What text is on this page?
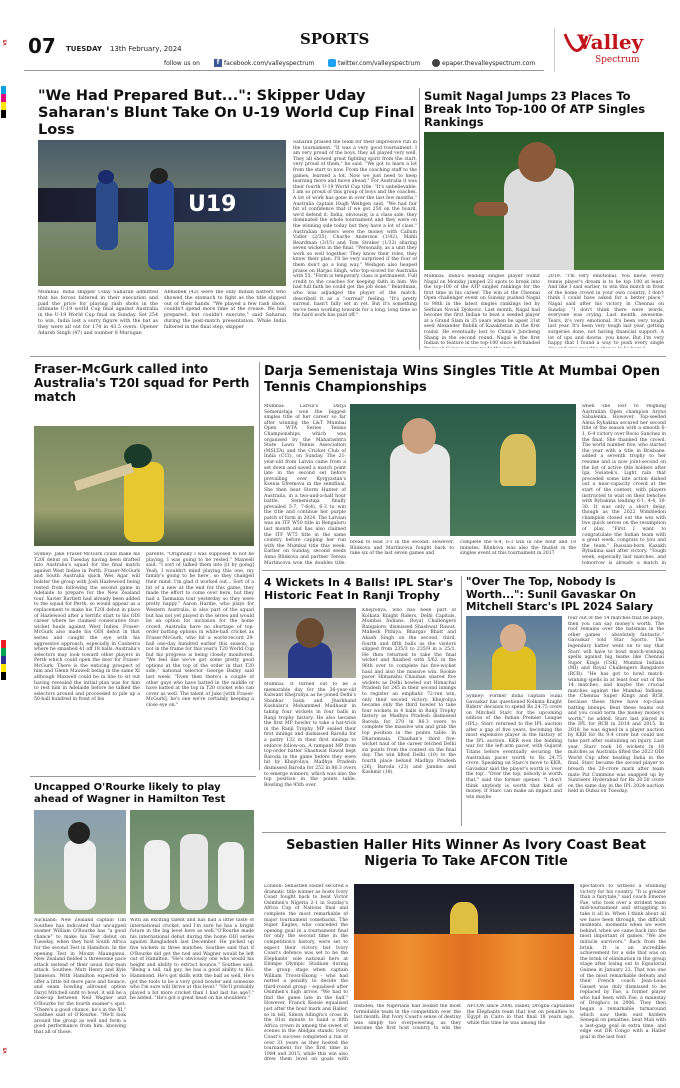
VS
VS
07 TUESDAY 13th February, 2024
SPORTS
follow us on	f facebook.com/valleyspectrum	twitter.com/valleyspectrum	epaper.thevalleyspectrum.com
Valley
Spectrum
"We Had Prepared But...": Skipper Uday Saharan's Blunt Take On U-19 World Cup Final Loss
U19
Mumbai: India skipper Uday Saharan admitted that his forces faltered in their execution and paid the price for playing rash shots in the ultimate U-19 world Cup final against Australia in the U-19 World Cup final on Sunday. Set 254 to win, India lost a sorry figure with the bat as they were all out for 174 in 43.5 overs. Opener Adarsh Singh (47) and number 8 Murugan
Abhishek (42) were the only Indian batters who showed the stomach to fight as the title slipped out of their hands. "We played a few rash shots, couldn't spend more time at the crease. We had prepared, but couldn't execute," said Saharan during the post-match presentation. While India faltered in the final step, skipper
Saharan praised the team for their impressive run in the tournament. "It was a very good tournament. I am very proud of the boys, they all played very well. They all showed great fighting spirit from the start, very proud of them," he said. "We got to learn a lot from the start to now. From the coaching staff to the games, learned a lot. Now we just need to keep learning more and move ahead." For Australia it was their fourth U-19 World Cup title. "It's unbelievable. I am so proud of this group of boys and the coaches. A lot of work has gone in over the last few months," Australia captain Hugh Weibgen said. "We had fair bit of confidence that if we got 250 on the board, we'd defend it. India, obviously, is a class side, they dominated the whole tournament and they were on the winning side today but they have a lot of class." Australian bowlers were the money with Callum Vidler (2/35), Charlie Anderson (1/42), Mahli Beardman (3/15) and Tom Straker (1/32) sharing seven wickets in the final. "Personally, as a unit they work so well together. They know their roles, they know their plan. I'll be very surprised if the four of them don't go a long way." Weibgen also heaped praise on Harjas Singh, who top-scored for Australia with 55. "Form is temporary, class is permanent. Full credit to the coaches for keeping faith in him. We had full faith he could get the job done." Beardman, who was adjudged the player of the match, described it as a "surreal" feeling. "It's pretty surreal, hasn't fully set in yet. But it's something we've been working towards for a long, long time so the hard work has paid off."
Sumit Nagal Jumps 23 Places To Break Into Top-100 Of ATP Singles Rankings
Mumbai: India's leading singles player Sumit Nagal on Monday jumped 23 spots to break into the top-100 of the ATP singles rankings for the first time in his career. The win at the Chennai Open challenger event on Sunday pushed Nagal to 98th in the latest singles rankings led by Serbian Novak Djokovic. Last month, Nagal had become the first Indian to beat a seeded player at a Grand Slam in 35 years when he upset 31st seed Alexander Bublik of Kazakhstan in the first round. He eventually lost to China's Juncheng Shang in the second round. Nagal is the first Indian to feature in the top-100 since left-handed
2019. "I'm very emotional. You know, every tennis player's dream is to be top 100 at least. And like I said earlier, to win this match in front of the home crowd in your own country, I don't think I could have asked for a better place," Nagal said after his victory in Chennai on Sunday. "I don't think there were words, everyone was crying. Last month, awesome. Tears, it's very emotional. It's been very tough last year. It's been very tough last year, getting surgeries done, not having financial support. A lot of ups and downs, you know. But I'm very happy that I found a way to push every single
Fraser-McGurk called into Australia's T20I squad for Perth match
Sydney: Jake Fraser-McGurk could make his T20I debut on Tuesday having been drafted into Australia's squad for the final match against West Indies in Perth. Fraser-McGurk and South Australia quick Wes Agar will bolster the group with Josh Hazlewood being rested from following the second game in Adelaide to prepare for the New Zealand tour. Xavier Bartlett had already been added to the squad for Perth, so would appear as a replacement to make his T20I debut in place of Hazlewood after a terrific start to his ODI career where he claimed consecutive four-wicket hauls against West Indies. Fraser-McGurk also made his ODI debut in that series and caught the eye with his aggressive approach, especially in Canberra where he smashed 41 off 18 balls. Australia's selectors may look toward other players in Perth which could open the door for Fraser-McGurk. There is the enticing prospect of him and Glenn Maxwell being in the same XI although Maxwell could be in line to sit out having revealed the initial plan was for him to rest him in Adelaide before he talked the selectors around and proceeded to pile up a 50-ball hundred in front of his
parents. "Originally I was supposed to not be playing, I was going to be rested," Maxwell said. "I sort of talked them into [it by going] Yeah, I wouldn't mind playing this one, my family's going to be here', so they changed their mind. I'm glad it worked out... Sort of a bit of a new at the end for this game, they made the effort to come over here, but they had a Tasmania tour yesterday so they were pretty happy." Aaron Hardie, who plays for Western Australia, is also part of the squad but has not yet played in the series and would be an option for inclusion for the home crowd. Australia have no shortage of top-order batting options in white-ball cricket as Fraser-McGurk, who hit a world-record 29-ball one-day hundred earlier this season, is not in the frame for this year's T20 World Cup but his progress is being closely monitored. "We feel like we've got some pretty good options at the top of the order in that T20 side," national selector George Bailey said last week. "Even then there's a couple of other guys who have batted in the middle or have batted at the top in T20 cricket who can cover as well. The talent of Jake [with Fraser-McGurk], he's one we're certainly keeping a close eye on."
Darja Semenistaja Wins Singles Title At Mumbai Open Tennis Championships
Mumbai: Latvia's Darja Semenistaja won the biggest singles title of her career so far after winning the L&T Mumbai Open WTA Series Tennis Championships, which was organised by the Maharashtra State Lawn Tennis Association (MSLTA) and the Cricket Club of India (CCI), on Sunday. The 21-year-old from Latvia came from a set down and saved a match point late in the second set before prevailing over Kyrgyzstan's Ksenia Efremova in the semifinal. She then beat Storm Hunter of Australia, in a two-and-a-half hour battle. Semenistaja finally prevailed 5-7, 7-6(4), 6-3 to win the title and continue her purple patch of form in 2024. The Latvian was an ITF W50 title in Bengaluru last month and has also claimed the ITF W75 title in the same country before capping her run with the Mumbai title this week. Earlier on Sunday, second seeds Anna Blinkova and partner Tereza Martincova won the doubles title,
break to lead 3-1 in the second. However, Blinkova and Martincova fought back to take six of the last seven games and
complete the 6-4, 6-3 win in one hour and 18 minutes. Blinkova was also the finalist in the singles event at this tournament in 2017
when she lost to reigning Australian Open champion Aryna Sabalenka. However, Top-seeded Alexa Rybakina secured her second title of the season with a smooth 6-1, 6-4 victory over Rocio Sanchez in the final. She thanked the crowd. The world number five, who started the year with a title in Brisbane, added a seventh trophy to her resume and is now joint-second on the list of active title holders after Iga Swiatek's. Light rain that preceded some late action dished out a near-capacity crowd at the start of the contest, with players instructed to wait on their benches with Rybakina leading 6-1, 4-4, 30-30. It was only a short delay, though as the 2022 Wimbledon champion closed out the win with two quick serves on the resumption of play. "First I want to congratulate the Indian team with a great week, congrats to you and the team," Russian-born Kazakh Rybakina said after victory. "Tough week, especially last matches, and tomorrow is already a match in
4 Wickets In 4 Balls! IPL Star's Historic Feat In Ranji Trophy
Mumbai: It turned out to be a memorable day for the 36-year-old Kulwant Khejroliya as he joined Delhi's Shankar Saini and Jharkhand Kushalar's Mohammed Mudhasir in taking four wickets in four balls in Ranji trophy history. He also became the first MP bowler to take a hat-trick in the Ranji Trophy. MP sealed their first innings and dismissed Baroda for a paltry 132 in their first innings to enforce follow-on. A rampant MP from top-order batter Shashwat Rawat kept Baroda in the game before they were hit by Khejroliya. Madhya Pradesh dismissed Baroda for 252 in 86.3 overs to emerge winners, which was also the top position in the points table. Bowling the 95th over,
Khejroliya, who has been part of Kolkata Knight Riders, Delhi Capitals, Mumbai Indians, Royal Challengers Bangalore, dismissed Shashwat Rawat, Mahesh Pithiya, Bhargav Bhatt and Akash Singh on the second, third, fourth and fifth balls as the visitors slipped from 235/3 to 235/9 in a 25/1. He then returned to take the final wicket and finished with 5/62 in the 96th over to complete his five-wicket haul and also the massive win. Rookie pacer Himanshu Chauhan snared five wickets as Delhi bowled out Himachal Pradesh for 245 in their second innings to register an emphatic 72-run win, only their second victory. Khejroliya became only the third bowler to take four wickets in 4 balls in Ranji Trophy history as Madhya Pradesh dismissed Baroda for 270 in 86.3 overs to complete the massive win and grab the top position in the points table. In Dharamsala, Chauhan's third five-wicket haul of the career fetched Delhi six points from the contest on the final day. The win lifted Delhi (10) to the fourth place behind Madhya Pradesh (26), Baroda (23) and Jammu and Kashmir (18).
"Over The Top, Nobody Is Worth...": Sunil Gavaskar On Mitchell Starc's IPL 2024 Salary
Sydney: Former India captain Sunil Gavaskar has questioned Kolkata Knight Riders' decision to spend Rs 24.75 crore on Mitchell Starc for the upcoming edition of the Indian Premier League (IPL). Starc returned to the IPL auction after a gap of five years, becoming the most expensive player in the history of the IPL auction. KKR won the bidding war for the left-arm pacer, with Gujarat Titans before eventually securing the Australian pacer worth to Rs 24.75 crore. Speaking on Starc's move to KKR, Gavaskar said the player's worth is 'over the top'. "Over the top, nobody is worth that," said the former opener. "I don't think anybody is worth that kind of money. If Starc can make an impact and win maybe
four out of the 14 matches that he plays, then you can say money's worth. The roof remains over the batsman in the other games - absolutely fantastic," Gavaskar told Star Sports. The legendary batter went on to say that Starc will have to bowl match-winning spells against big teams like Chennai Super Kings (CSK), Mumbai Indians (MI) and Royal Challengers Bangalore (RCB). "He has got to bowl match-winning spells in at least four out of the 14 matches, and maybe the crucial matches against the Mumbai Indians, the Chennai Super Kings and RCB, because these three have top-class batting lineups. Beat these teams out and you could term the money money's worth," he added. Starc last played in the IPL for RCB in 2014 and 2015. In 2018, he was signed in a player auction by KKR for Rs 9.4 crore but could not take part after sustaining an injury. Last year, Starc took 16 wickets in 18 matches as Australia lifted the 2023 ODI World Cup after beating India in the final. Starc became the second player to breach the 20-crore mark after team mate Pat Cummins was snapped up by Sunrisers Hyderabad for Rs 20.50 crore on the same day in the IPL 2024 auction held in Dubai on Tuesday.
Uncapped O'Rourke likely to play ahead of Wagner in Hamilton Test
Auckland: New Zealand captain Tim Southee has indicated that uncapped seamer William O'Rourke has "a good chance" to make his Test debut on Tuesday, when they host South Africa for the second Test in Hamilton. In the opening Test in Mount Maunganui, New Zealand fielded a threesome pace attack instead of their usual four-man attack. Southee, Matt Henry and Kyle Jamieson. With Hamilton expected to offer a little bit more pace and bounce, and seam bowling allround option Daryl Mitchell unfit to bowl, it will be a close-up between Neil Wagner and O'Rourke for the fourth seamer's spot. "There's a good chance, he's in the XI," Southee said of O'Rourke. "We'll look around the group as well and form a good performance from him, knowing that all of those.
With an exciting talent and has had a little taste of international cricket, and I'm sure he has a bright future in the big level here as well."O'Rourke made his international debut during the home ODI series against Bangladesh last December. He picked up five wickets in three matches. Southee said that if O'Rourke did get the nod and Wagner would be left out of Hamilton. "He's obviously one who would his height and ability to extract bounce," Southee said. "Being a tall, tall guy, he has a good ability to KG. Hammond. He's got skills with the ball as well. He's got the tools to be a very good bowler and someone who I'm sure will thrive at this level." "He'll probably played a bit more cricket than I had last his age?," he added. "He's got a great head on his shoulders."
Sebastien Haller Hits Winner As Ivory Coast Beat Nigeria To Take AFCON Title
London: Sebastien Haller secured a dramatic title winner as hosts Ivory Coast fought back to beat Victor Osimhen's Nigeria 2-1 in Sunday's Africa Cup of Nations final and complete the most remarkable of major tournament comebacks. The Super Eagles, who conceded the opening goal in a tournament final for only the second time in the competition's history, were set to expect their victory but Ivory Coast's defence was set to be the Elephants' sole national hero at Ebimpe Olympic Stadium during the group stage when captain William Troost-Ekong - who had netted a penalty to decide the third-round group - equalised after Osimhen's high arrow. "We had to find the game late in the half." However, Franck Kessie equalised just after the hour mark and Haller, so in tell, Simon Adingra's cross in the 81st minute to hand a fifth Africa crown in among the sweet of scenes in the Abidjan stands. Ivory Coast's success completed a run of over 31 years as they hosted the tournament for the first time in 1984 and 2015, while this win also drew them level on goals with
Ibstiden, the Nigerians had looked the most formidable team in the competition over the last month. But Ivory Coast's sense of destiny was simply too overpowering, as they became the first host country to win the AFCON since 2006. Haller, Drogba captained the Elephants team that lost on penalties to Egypt in Cairo in that final 18 years ago, while this time he was among the
spectators to witness a stunning victory for his country. "It is greater than a fairytale," said coach Emerse Fae, who took over a strident team mid-tournament and struggling to take it all in. When I think about all we have been through, the difficult moments, moments when we were behind, when we came back into the most important of games. "We are miracle survivors." Back from the brink. It is an incredible achievement for a side that was on the brink of elimination in the group stage after losing out to Equatorial Guinea in January 22. That was one of the most remarkable defeats and their French coach Jean-Louis Gasset was duly dismissed to be replaced by Fae, a former player who had been with Fae, a mainstay of Drogba's in 2006. They then began a remarkable turnaround which saw them oust holders Senegal on penalties, beat Mali with a last-gasp goal in extra time, and edge out DR Congo with a Haller goal in the last four.
